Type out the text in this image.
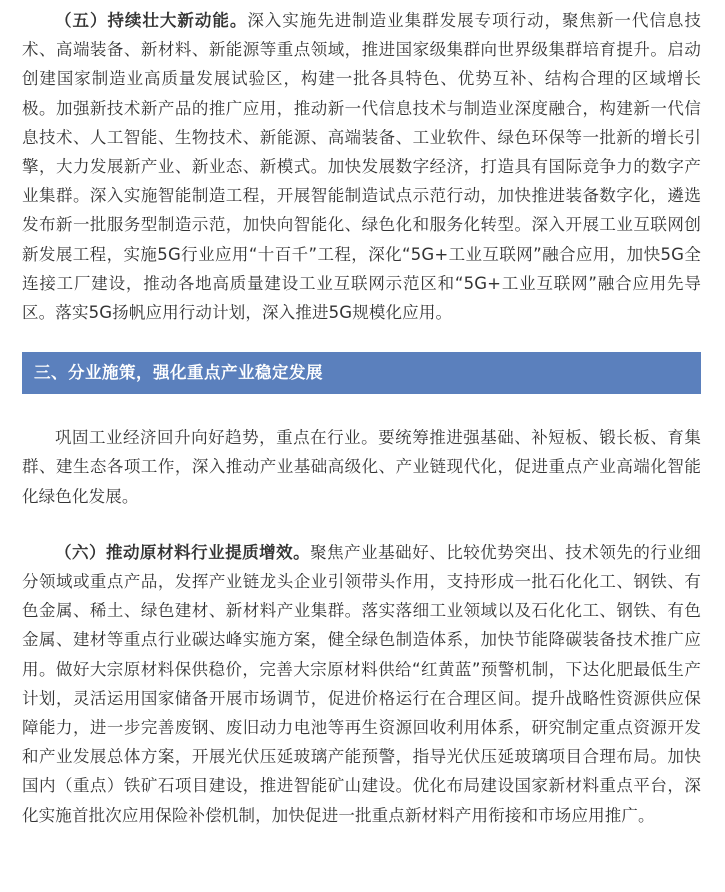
（五）持续壮大新动能。深入实施先进制造业集群发展专项行动，聚焦新一代信息技术、高端装备、新材料、新能源等重点领域，推进国家级集群向世界级集群培育提升。启动创建国家制造业高质量发展试验区，构建一批各具特色、优势互补、结构合理的区域增长极。加强新技术新产品的推广应用，推动新一代信息技术与制造业深度融合，构建新一代信息技术、人工智能、生物技术、新能源、高端装备、工业软件、绿色环保等一批新的增长引擎，大力发展新产业、新业态、新模式。加快发展数字经济，打造具有国际竞争力的数字产业集群。深入实施智能制造工程，开展智能制造试点示范行动，加快推进装备数字化，遴选发布新一批服务型制造示范，加快向智能化、绿色化和服务化转型。深入开展工业互联网创新发展工程，实施5G行业应用“十百千”工程，深化“5G+工业互联网”融合应用，加快5G全连接工厂建设，推动各地高质量建设工业互联网示范区和“5G+工业互联网”融合应用先导区。落实5G扬帆应用行动计划，深入推进5G规模化应用。

三、分业施策，强化重点产业稳定发展

巩固工业经济回升向好趋势，重点在行业。要统筹推进强基础、补短板、锻长板、育集群、建生态各项工作，深入推动产业基础高级化、产业链现代化，促进重点产业高端化智能化绿色化发展。

（六）推动原材料行业提质增效。聚焦产业基础好、比较优势突出、技术领先的行业细分领域或重点产品，发挥产业链龙头企业引领带头作用，支持形成一批石化化工、钢铁、有色金属、稀土、绿色建材、新材料产业集群。落实落细工业领域以及石化化工、钢铁、有色金属、建材等重点行业碳达峰实施方案，健全绿色制造体系，加快节能降碳装备技术推广应用。做好大宗原材料保供稳价，完善大宗原材料供给“红黄蓝”预警机制，下达化肥最低生产计划，灵活运用国家储备开展市场调节，促进价格运行在合理区间。提升战略性资源供应保障能力，进一步完善废钢、废旧动力电池等再生资源回收利用体系，研究制定重点资源开发和产业发展总体方案，开展光伏压延玻璃产能预警，指导光伏压延玻璃项目合理布局。加快国内（重点）铁矿石项目建设，推进智能矿山建设。优化布局建设国家新材料重点平台，深化实施首批次应用保险补偿机制，加快促进一批重点新材料产用衔接和市场应用推广。
